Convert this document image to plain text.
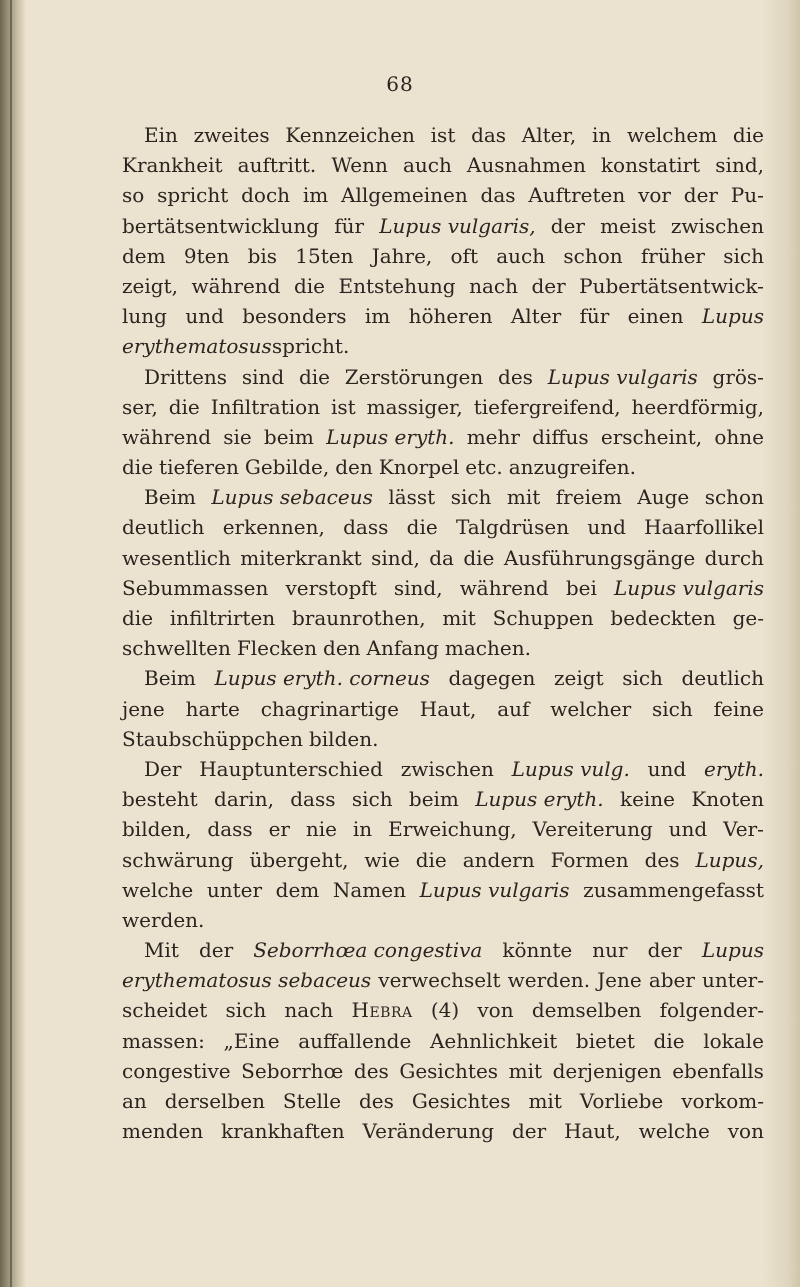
68
Ein zweites Kennzeichen ist das Alter, in welchem die
Krankheit auftritt. Wenn auch Ausnahmen konstatirt sind,
so spricht doch im Allgemeinen das Auftreten vor der Pu-
bertätsentwicklung für Lupus vulgaris, der meist zwischen
dem 9ten bis 15ten Jahre, oft auch schon früher sich
zeigt, während die Entstehung nach der Pubertätsentwick-
lung und besonders im höheren Alter für einen Lupus
erythematosus spricht.
Drittens sind die Zerstörungen des Lupus vulgaris grös-
ser, die Infiltration ist massiger, tiefergreifend, heerdförmig,
während sie beim Lupus eryth. mehr diffus erscheint, ohne
die tieferen Gebilde, den Knorpel etc. anzugreifen.
Beim Lupus sebaceus lässt sich mit freiem Auge schon
deutlich erkennen, dass die Talgdrüsen und Haarfollikel
wesentlich miterkrankt sind, da die Ausführungsgänge durch
Sebummassen verstopft sind, während bei Lupus vulgaris
die infiltrirten braunrothen, mit Schuppen bedeckten ge-
schwellten Flecken den Anfang machen.
Beim Lupus eryth. corneus dagegen zeigt sich deutlich
jene harte chagrinartige Haut, auf welcher sich feine
Staubschüppchen bilden.
Der Hauptunterschied zwischen Lupus vulg. und eryth.
besteht darin, dass sich beim Lupus eryth. keine Knoten
bilden, dass er nie in Erweichung, Vereiterung und Ver-
schwärung übergeht, wie die andern Formen des Lupus,
welche unter dem Namen Lupus vulgaris zusammengefasst
werden.
Mit der Seborrhœa congestiva könnte nur der Lupus
erythematosus sebaceus verwechselt werden. Jene aber unter-
scheidet sich nach Hebra (4) von demselben folgender-
massen: „Eine auffallende Aehnlichkeit bietet die lokale
congestive Seborrhœ des Gesichtes mit derjenigen ebenfalls
an derselben Stelle des Gesichtes mit Vorliebe vorkom-
menden krankhaften Veränderung der Haut, welche von
